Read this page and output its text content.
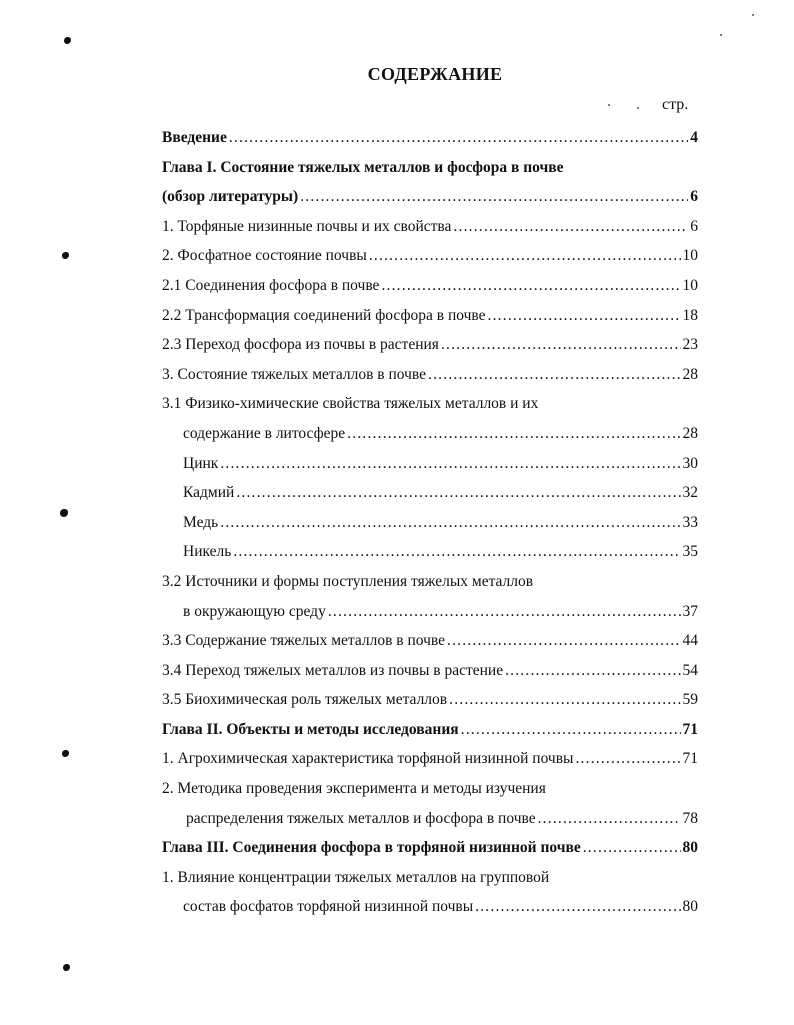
СОДЕРЖАНИЕ
стр.
Введение .....	4
Глава I. Состояние тяжелых металлов и фосфора в почве
(обзор литературы) .....	6
1. Торфяные низинные почвы и их свойства .....	6
2. Фосфатное состояние почвы .....	10
2.1 Соединения фосфора в почве .....	10
2.2 Трансформация соединений фосфора в почве .....	18
2.3 Переход фосфора из почвы в растения .....	23
3. Состояние тяжелых металлов в почве .....	28
3.1 Физико-химические свойства тяжелых металлов и их
содержание в литосфере .....	28
Цинк .....	30
Кадмий .....	32
Медь .....	33
Никель .....	35
3.2 Источники и формы поступления тяжелых металлов
в окружающую среду .....	37
3.3 Содержание тяжелых металлов в почве .....	44
3.4 Переход тяжелых металлов из почвы в растение .....	54
3.5 Биохимическая роль тяжелых металлов .....	59
Глава II. Объекты и методы исследования .....	71
1. Агрохимическая характеристика торфяной низинной почвы .....	71
2. Методика проведения эксперимента и методы изучения
распределения тяжелых металлов и фосфора в почве .....	78
Глава III. Соединения фосфора в торфяной низинной почве .....	80
1. Влияние концентрации тяжелых металлов на групповой
состав фосфатов торфяной низинной почвы .....	80
